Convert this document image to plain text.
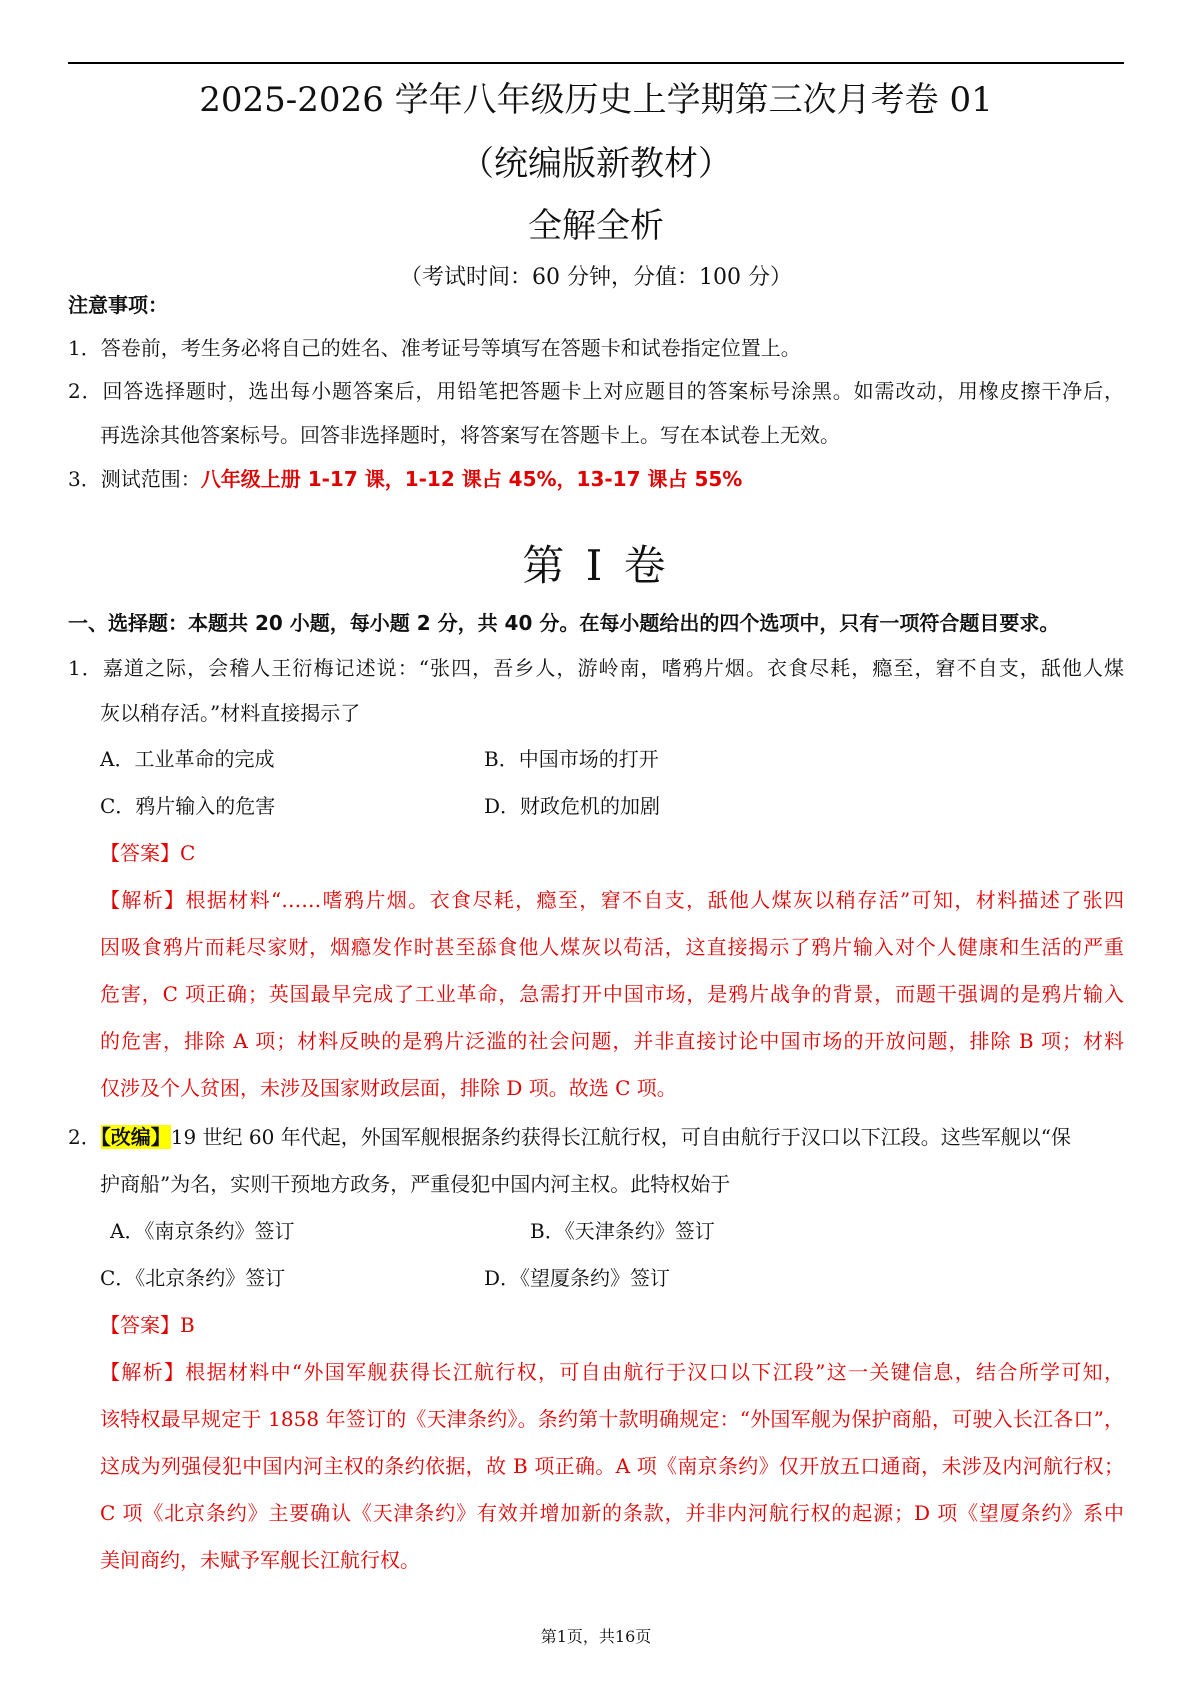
2025-2026 学年八年级历史上学期第三次月考卷 01
（统编版新教材）
全解全析
（考试时间：60 分钟，分值：100 分）
注意事项：
1．答卷前，考生务必将自己的姓名、准考证号等填写在答题卡和试卷指定位置上。
2．回答选择题时，选出每小题答案后，用铅笔把答题卡上对应题目的答案标号涂黑。如需改动，用橡皮擦干净后，
再选涂其他答案标号。回答非选择题时，将答案写在答题卡上。写在本试卷上无效。
3．测试范围：八年级上册 1-17 课，1-12 课占 45%，13-17 课占 55%
第 I 卷
一、选择题：本题共 20 小题，每小题 2 分，共 40 分。在每小题给出的四个选项中，只有一项符合题目要求。
1．嘉道之际，会稽人王衍梅记述说：“张四，吾乡人，游岭南，嗜鸦片烟。衣食尽耗，瘾至，窘不自支，舐他人煤
灰以稍存活。”材料直接揭示了
A．工业革命的完成	B．中国市场的打开
C．鸦片输入的危害	D．财政危机的加剧
【答案】C
【解析】根据材料“……嗜鸦片烟。衣食尽耗，瘾至，窘不自支，舐他人煤灰以稍存活”可知，材料描述了张四
因吸食鸦片而耗尽家财，烟瘾发作时甚至舔食他人煤灰以苟活，这直接揭示了鸦片输入对个人健康和生活的严重
危害，C 项正确；英国最早完成了工业革命，急需打开中国市场，是鸦片战争的背景，而题干强调的是鸦片输入
的危害，排除 A 项；材料反映的是鸦片泛滥的社会问题，并非直接讨论中国市场的开放问题，排除 B 项；材料
仅涉及个人贫困，未涉及国家财政层面，排除 D 项。故选 C 项。
2．【改编】19 世纪 60 年代起，外国军舰根据条约获得长江航行权，可自由航行于汉口以下江段。这些军舰以“保
护商船”为名，实则干预地方政务，严重侵犯中国内河主权。此特权始于
A．《南京条约》签订	B．《天津条约》签订
C．《北京条约》签订	D．《望厦条约》签订
【答案】B
【解析】根据材料中“外国军舰获得长江航行权，可自由航行于汉口以下江段”这一关键信息，结合所学可知，
该特权最早规定于 1858 年签订的《天津条约》。条约第十款明确规定：“外国军舰为保护商船，可驶入长江各口”，
这成为列强侵犯中国内河主权的条约依据，故 B 项正确。A 项《南京条约》仅开放五口通商，未涉及内河航行权；
C 项《北京条约》主要确认《天津条约》有效并增加新的条款，并非内河航行权的起源；D 项《望厦条约》系中
美间商约，未赋予军舰长江航行权。
第1页，共16页
